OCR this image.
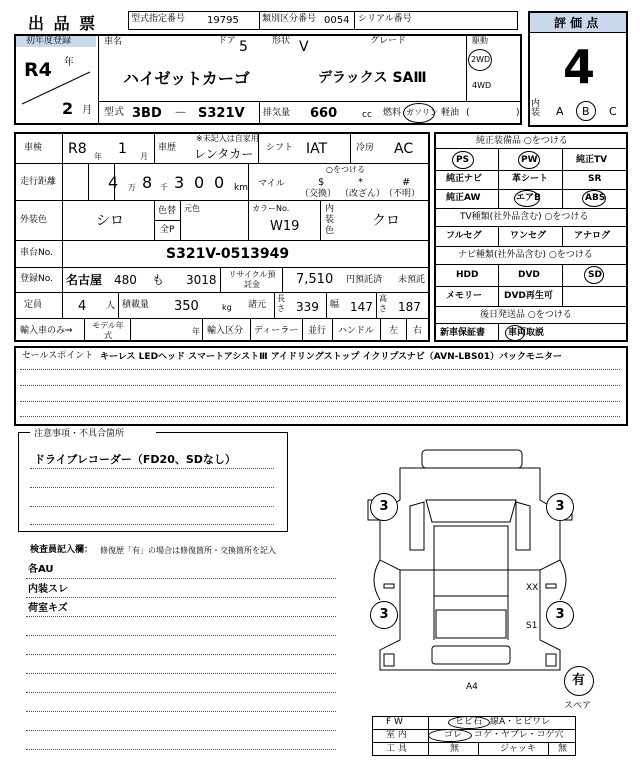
出 品 票	型式指定番号 19795	類別区分番号 0054 シリアル番号	評 価 点
4
内装 A B C
初年度登録
R4 年
2 月
車名
ハイゼットカーゴ
ドア 5	形状 V	グレード
デラックス SAⅢ
駆動
2WD
4WD
型式 3BD － S321V 排気量 660	cc 燃料 ガソリン 軽油 (	)
車検 R8 年 1 月
車歴
※未記入は自家用
レンタカー シフト IAT	冷房 AC
走行距離	4 万 8 千 3 0 0 km マイル
○をつける
$
（交換）
*
（改ざん）
#
（不明）
外装色	シロ
色替
全P
元色	カラーNo.
W19
内装色
クロ
車台No.	S321V-0513949
登録No. 名古屋 480 も 3018	リサイクル預託金	7,510 円預託済 未預託
定員	4 人 積載量 350	kg 諸元
長さ 339 幅 147
高さ 187
輸入車のみ⇒
モデル年式	年 輸入区分 ディーラー 並行 ハンドル 左 右
純正装備品 ○をつける
PS	PW	純正TV
純正ナビ	革シート	SR
純正AW	エアB	ABS
TV種類(社外品含む) ○をつける
フルセグ	ワンセグ	アナログ
ナビ種類(社外品含む) ○をつける
HDD	DVD	SD
メモリー DVD再生可
後日発送品 ○をつける
新車保証書	車両取説
セールスポイント キーレス LEDヘッド スマートアシストⅢ アイドリングストップ イクリプスナビ（AVN-LBS01）バックモニター
注意事項・不具合箇所
ドライブレコーダー（FD20、SDなし）
検査員記入欄： 修復歴「有」の場合は修復箇所・交換箇所を記入
各AU
内装スレ
荷室キズ
3	3
3	3
XX
S1
A4	有
スペア
F W	ヒビ石 線A・ヒビワレ
室 内	ゴレ コゲ・ヤブレ・コゲ穴
工 具	無	ジャッキ 無
